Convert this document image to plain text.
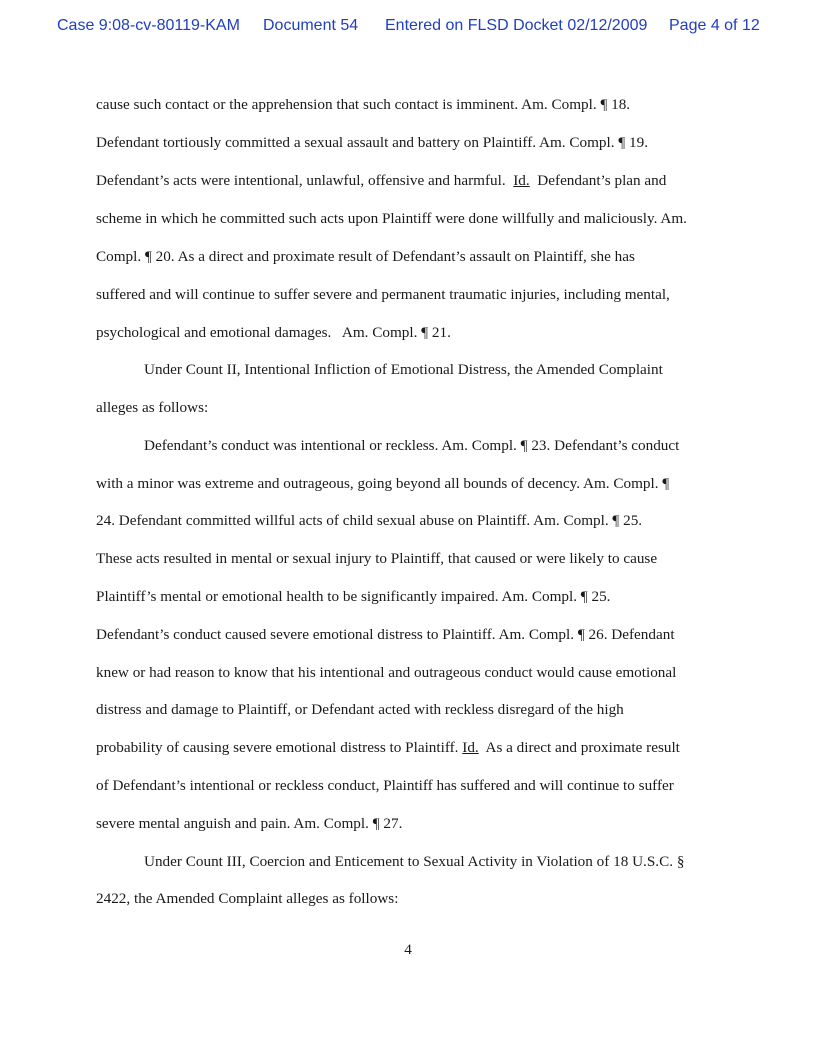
Case 9:08-cv-80119-KAM Document 54 Entered on FLSD Docket 02/12/2009 Page 4 of 12
cause such contact or the apprehension that such contact is imminent. Am. Compl. ¶ 18.
Defendant tortiously committed a sexual assault and battery on Plaintiff. Am. Compl. ¶ 19.
Defendant’s acts were intentional, unlawful, offensive and harmful.  Id.  Defendant’s plan and
scheme in which he committed such acts upon Plaintiff were done willfully and maliciously. Am.
Compl. ¶ 20. As a direct and proximate result of Defendant’s assault on Plaintiff, she has
suffered and will continue to suffer severe and permanent traumatic injuries, including mental,
psychological and emotional damages.   Am. Compl. ¶ 21.
Under Count II, Intentional Infliction of Emotional Distress, the Amended Complaint
alleges as follows:
Defendant’s conduct was intentional or reckless. Am. Compl. ¶ 23. Defendant’s conduct
with a minor was extreme and outrageous, going beyond all bounds of decency. Am. Compl. ¶
24. Defendant committed willful acts of child sexual abuse on Plaintiff. Am. Compl. ¶ 25.
These acts resulted in mental or sexual injury to Plaintiff, that caused or were likely to cause
Plaintiff’s mental or emotional health to be significantly impaired. Am. Compl. ¶ 25.
Defendant’s conduct caused severe emotional distress to Plaintiff. Am. Compl. ¶ 26. Defendant
knew or had reason to know that his intentional and outrageous conduct would cause emotional
distress and damage to Plaintiff, or Defendant acted with reckless disregard of the high
probability of causing severe emotional distress to Plaintiff. Id.  As a direct and proximate result
of Defendant’s intentional or reckless conduct, Plaintiff has suffered and will continue to suffer
severe mental anguish and pain. Am. Compl. ¶ 27.
Under Count III, Coercion and Enticement to Sexual Activity in Violation of 18 U.S.C. §
2422, the Amended Complaint alleges as follows:
4
